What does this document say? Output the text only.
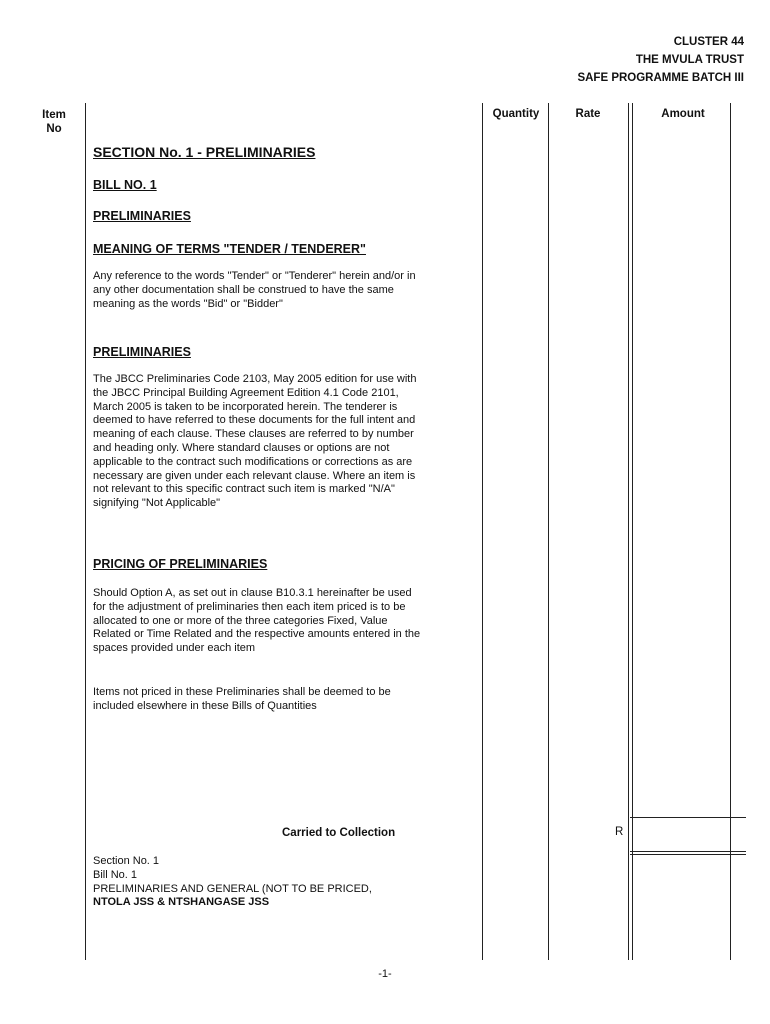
CLUSTER 44
THE MVULA TRUST
SAFE PROGRAMME BATCH III
Item
No
Quantity	Rate	Amount
SECTION No. 1 - PRELIMINARIES
BILL NO. 1
PRELIMINARIES
MEANING OF TERMS "TENDER / TENDERER"
Any reference to the words "Tender" or "Tenderer" herein and/or in any other documentation shall be construed to have the same meaning as the words "Bid" or "Bidder"
PRELIMINARIES
The JBCC Preliminaries Code 2103, May 2005 edition for use with the JBCC Principal Building Agreement Edition 4.1 Code 2101, March 2005 is taken to be incorporated herein. The tenderer is deemed to have referred to these documents for the full intent and meaning of each clause. These clauses are referred to by number and heading only. Where standard clauses or options are not applicable to the contract such modifications or corrections as are necessary are given under each relevant clause. Where an item is not relevant to this specific contract such item is marked "N/A" signifying "Not Applicable"
PRICING OF PRELIMINARIES
Should Option A, as set out in clause B10.3.1 hereinafter be used for the adjustment of preliminaries then each item priced is to be allocated to one or more of the three categories Fixed, Value Related or Time Related and the respective amounts entered in the spaces provided under each item
Items not priced in these Preliminaries shall be deemed to be included elsewhere in these Bills of Quantities
Carried to Collection	R
Section No. 1
Bill No. 1
PRELIMINARIES AND GENERAL (NOT TO BE PRICED,
NTOLA JSS & NTSHANGASE JSS
-1-
